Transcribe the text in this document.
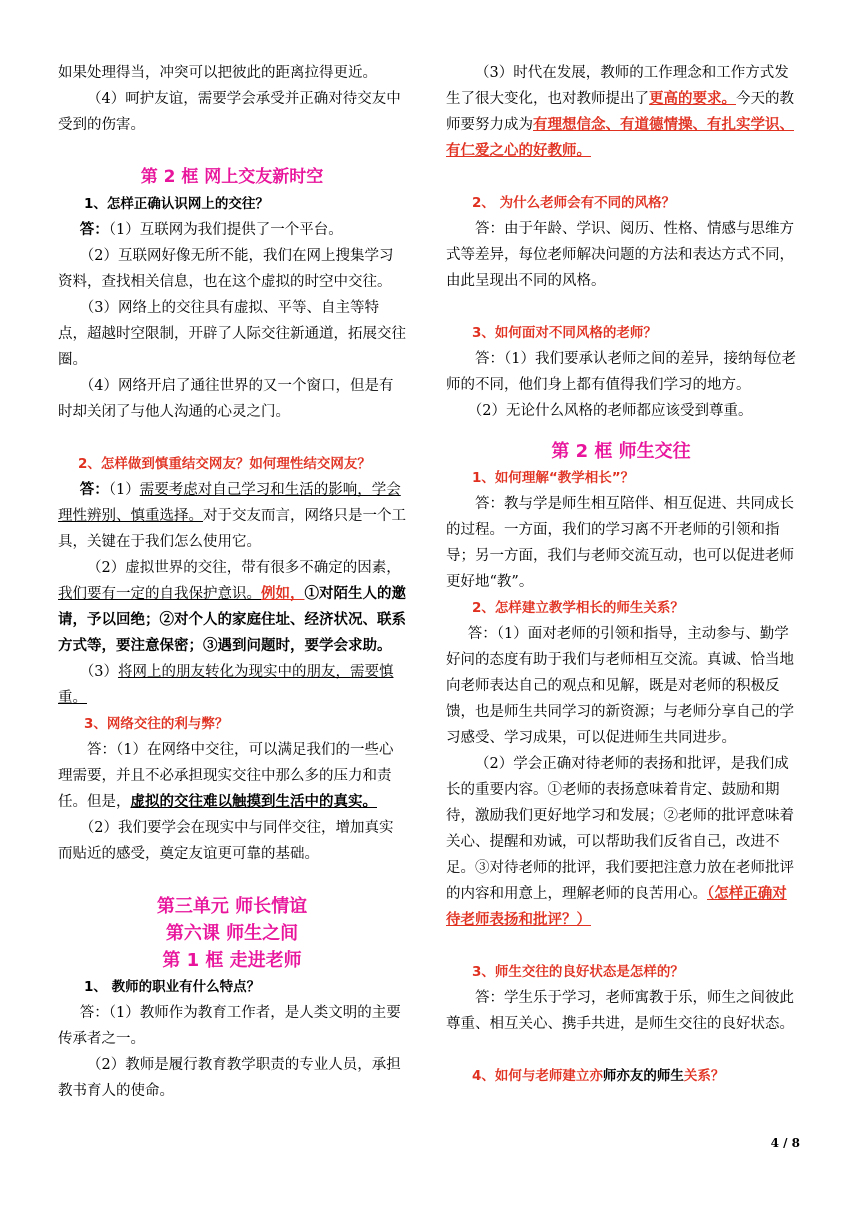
如果处理得当，冲突可以把彼此的距离拉得更近。

（4）呵护友谊，需要学会承受并正确对待交友中受到的伤害。

第 2 框 网上交友新时空

1、怎样正确认识网上的交往？

答：（1）互联网为我们提供了一个平台。

（2）互联网好像无所不能，我们在网上搜集学习资料，查找相关信息，也在这个虚拟的时空中交往。

（3）网络上的交往具有虚拟、平等、自主等特点，超越时空限制，开辟了人际交往新通道，拓展交往圈。

（4）网络开启了通往世界的又一个窗口，但是有时却关闭了与他人沟通的心灵之门。

2、怎样做到慎重结交网友？如何理性结交网友？

答：（1）需要考虑对自己学习和生活的影响，学会理性辨别、慎重选择。对于交友而言，网络只是一个工具，关键在于我们怎么使用它。

（2）虚拟世界的交往，带有很多不确定的因素，我们要有一定的自我保护意识。例如，①对陌生人的邀请，予以回绝；②对个人的家庭住址、经济状况、联系方式等，要注意保密；③遇到问题时，要学会求助。

（3）将网上的朋友转化为现实中的朋友，需要慎重。

3、网络交往的利与弊？

答：（1）在网络中交往，可以满足我们的一些心理需要，并且不必承担现实交往中那么多的压力和责任。但是，虚拟的交往难以触摸到生活中的真实。

（2）我们要学会在现实中与同伴交往，增加真实而贴近的感受，奠定友谊更可靠的基础。

第三单元 师长情谊

第六课 师生之间

第 1 框 走进老师

1、 教师的职业有什么特点？

答：（1）教师作为教育工作者，是人类文明的主要传承者之一。

（2）教师是履行教育教学职责的专业人员，承担教书育人的使命。

（3）时代在发展，教师的工作理念和工作方式发生了很大变化，也对教师提出了更高的要求。今天的教师要努力成为有理想信念、有道德情操、有扎实学识、有仁爱之心的好教师。

2、 为什么老师会有不同的风格？

答：由于年龄、学识、阅历、性格、情感与思维方式等差异，每位老师解决问题的方法和表达方式不同，由此呈现出不同的风格。

3、如何面对不同风格的老师？

答：（1）我们要承认老师之间的差异，接纳每位老师的不同，他们身上都有值得我们学习的地方。

（2）无论什么风格的老师都应该受到尊重。

第 2 框 师生交往

1、如何理解“教学相长”？

答：教与学是师生相互陪伴、相互促进、共同成长的过程。一方面，我们的学习离不开老师的引领和指导；另一方面，我们与老师交流互动，也可以促进老师更好地“教”。

2、怎样建立教学相长的师生关系？

答：（1）面对老师的引领和指导，主动参与、勤学好问的态度有助于我们与老师相互交流。真诚、恰当地向老师表达自己的观点和见解，既是对老师的积极反馈，也是师生共同学习的新资源；与老师分享自己的学习感受、学习成果，可以促进师生共同进步。

（2）学会正确对待老师的表扬和批评，是我们成长的重要内容。①老师的表扬意味着肯定、鼓励和期待，激励我们更好地学习和发展；②老师的批评意味着关心、提醒和劝诫，可以帮助我们反省自己，改进不足。③对待老师的批评，我们要把注意力放在老师批评的内容和用意上，理解老师的良苦用心。（怎样正确对待老师表扬和批评？）

3、师生交往的良好状态是怎样的？

答：学生乐于学习，老师寓教于乐，师生之间彼此尊重、相互关心、携手共进，是师生交往的良好状态。

4、如何与老师建立亦师亦友的师生关系？

4 / 8
